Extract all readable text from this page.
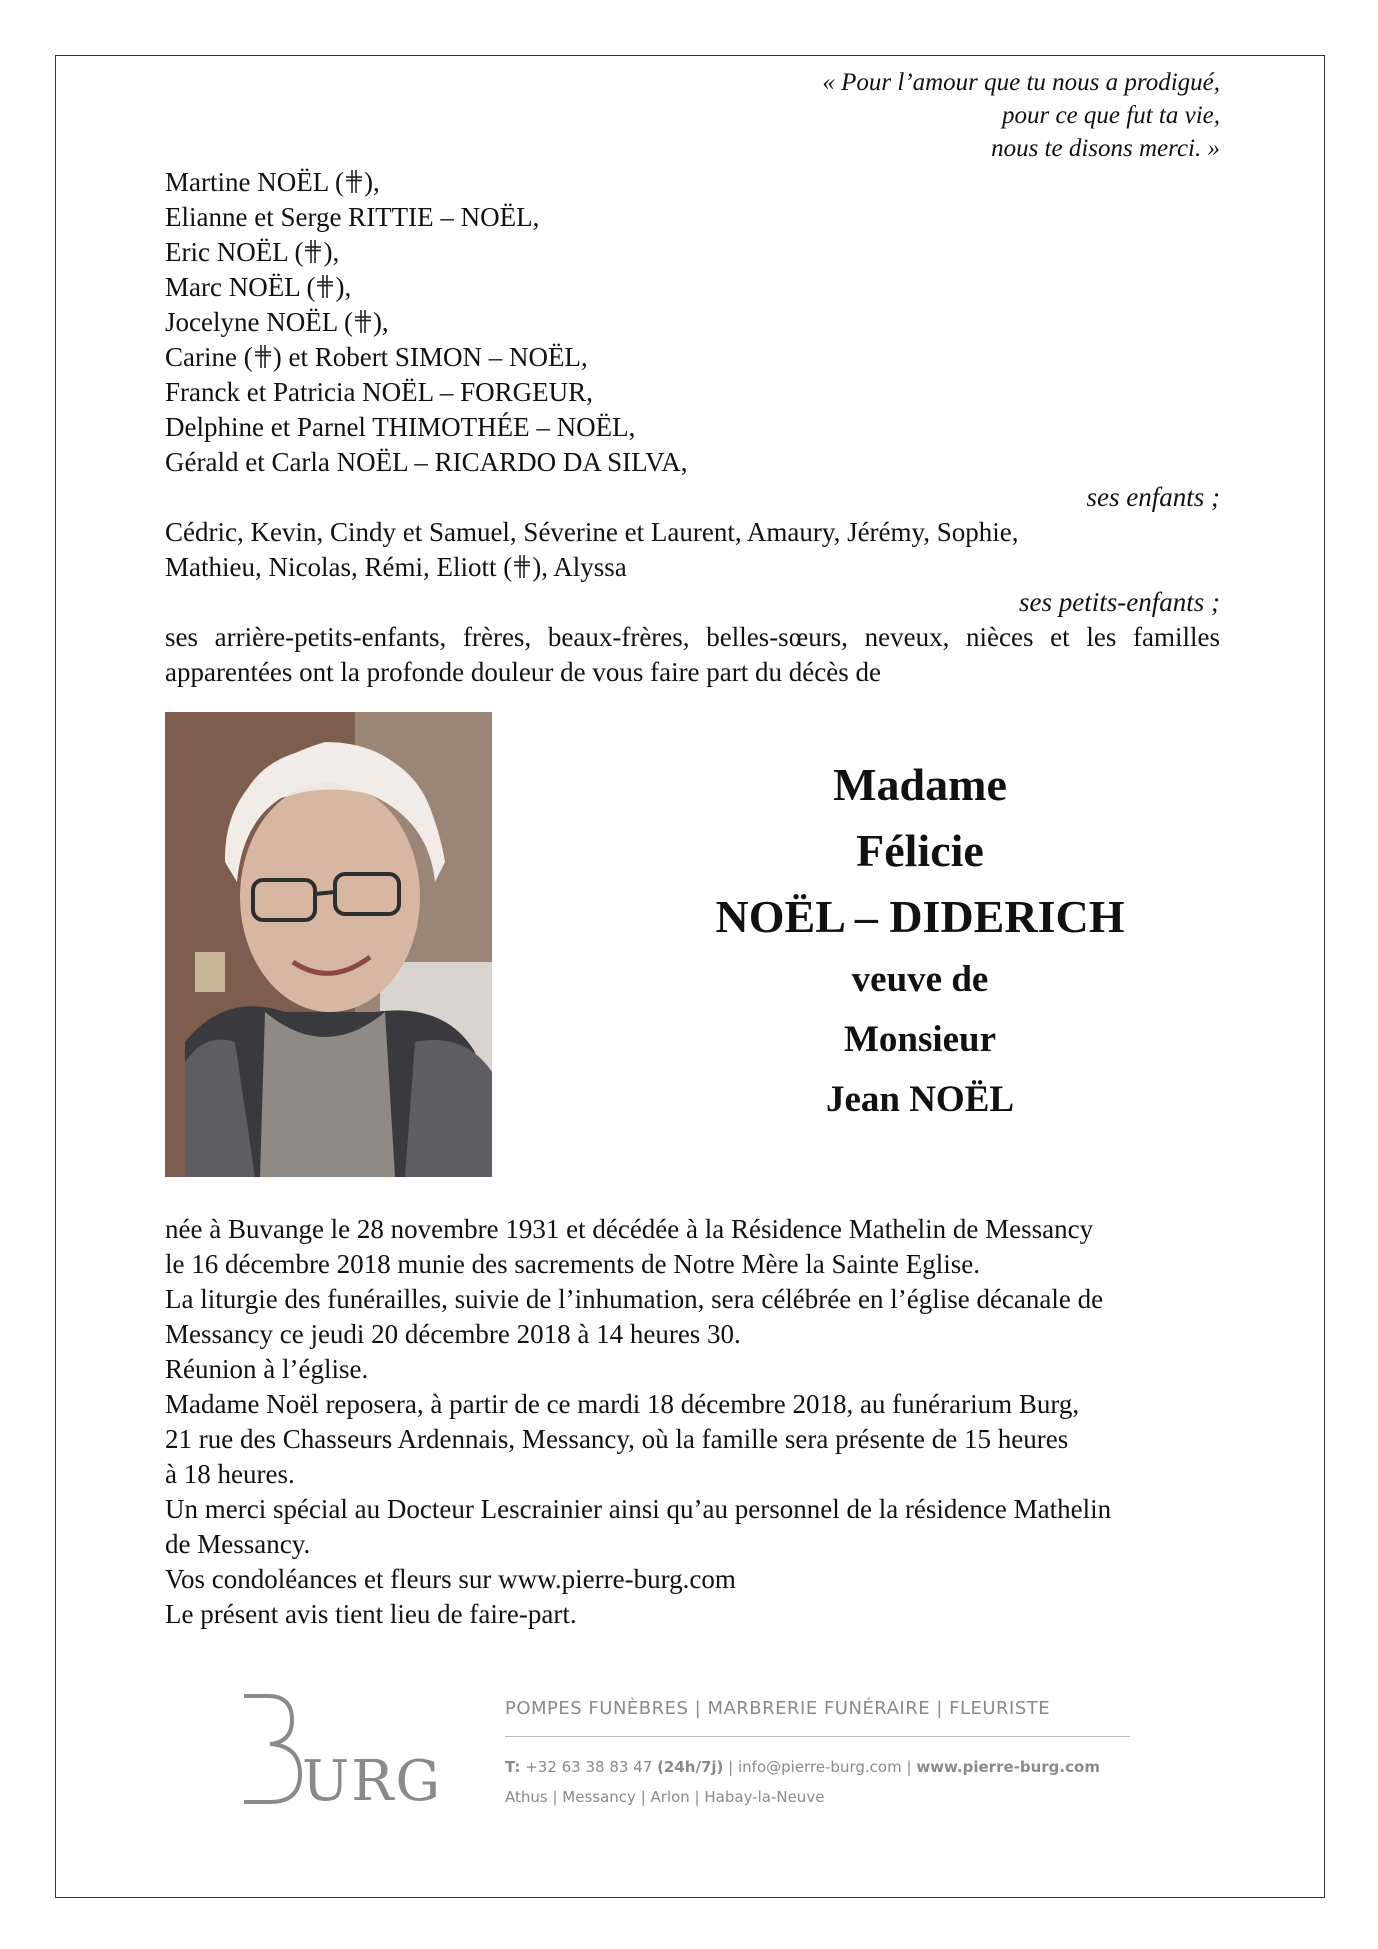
« Pour l’amour que tu nous a prodigué,
pour ce que fut ta vie,
nous te disons merci. »
Martine NOËL ( ),
Elianne et Serge RITTIE – NOËL,
Eric NOËL ( ),
Marc NOËL ( ),
Jocelyne NOËL ( ),
Carine ( ) et Robert SIMON – NOËL,
Franck et Patricia NOËL – FORGEUR,
Delphine et Parnel THIMOTHÉE – NOËL,
Gérald et Carla NOËL – RICARDO DA SILVA,
ses enfants ;
Cédric, Kevin, Cindy et Samuel, Séverine et Laurent, Amaury, Jérémy, Sophie,
Mathieu, Nicolas, Rémi, Eliott ( ), Alyssa
ses petits-enfants ;
ses arrière-petits-enfants, frères, beaux-frères, belles-sœurs, neveux, nièces et les familles apparentées ont la profonde douleur de vous faire part du décès de
Madame
Félicie
NOËL – DIDERICH
veuve de
Monsieur
Jean NOËL
née à Buvange le 28 novembre 1931 et décédée à la Résidence Mathelin de Messancy
le 16 décembre 2018 munie des sacrements de Notre Mère la Sainte Eglise.
La liturgie des funérailles, suivie de l’inhumation, sera célébrée en l’église décanale de
Messancy ce jeudi 20 décembre 2018 à 14 heures 30.
Réunion à l’église.
Madame Noël reposera, à partir de ce mardi 18 décembre 2018, au funérarium Burg,
21 rue des Chasseurs Ardennais, Messancy, où la famille sera présente de 15 heures
à 18 heures.
Un merci spécial au Docteur Lescrainier ainsi qu’au personnel de la résidence Mathelin
de Messancy.
Vos condoléances et fleurs sur www.pierre-burg.com
Le présent avis tient lieu de faire-part.
URG
POMPES FUNÈBRES | MARBRERIE FUNÉRAIRE | FLEURISTE
T: +32 63 38 83 47 (24h/7j) | info@pierre-burg.com | www.pierre-burg.com
Athus | Messancy | Arlon | Habay-la-Neuve
